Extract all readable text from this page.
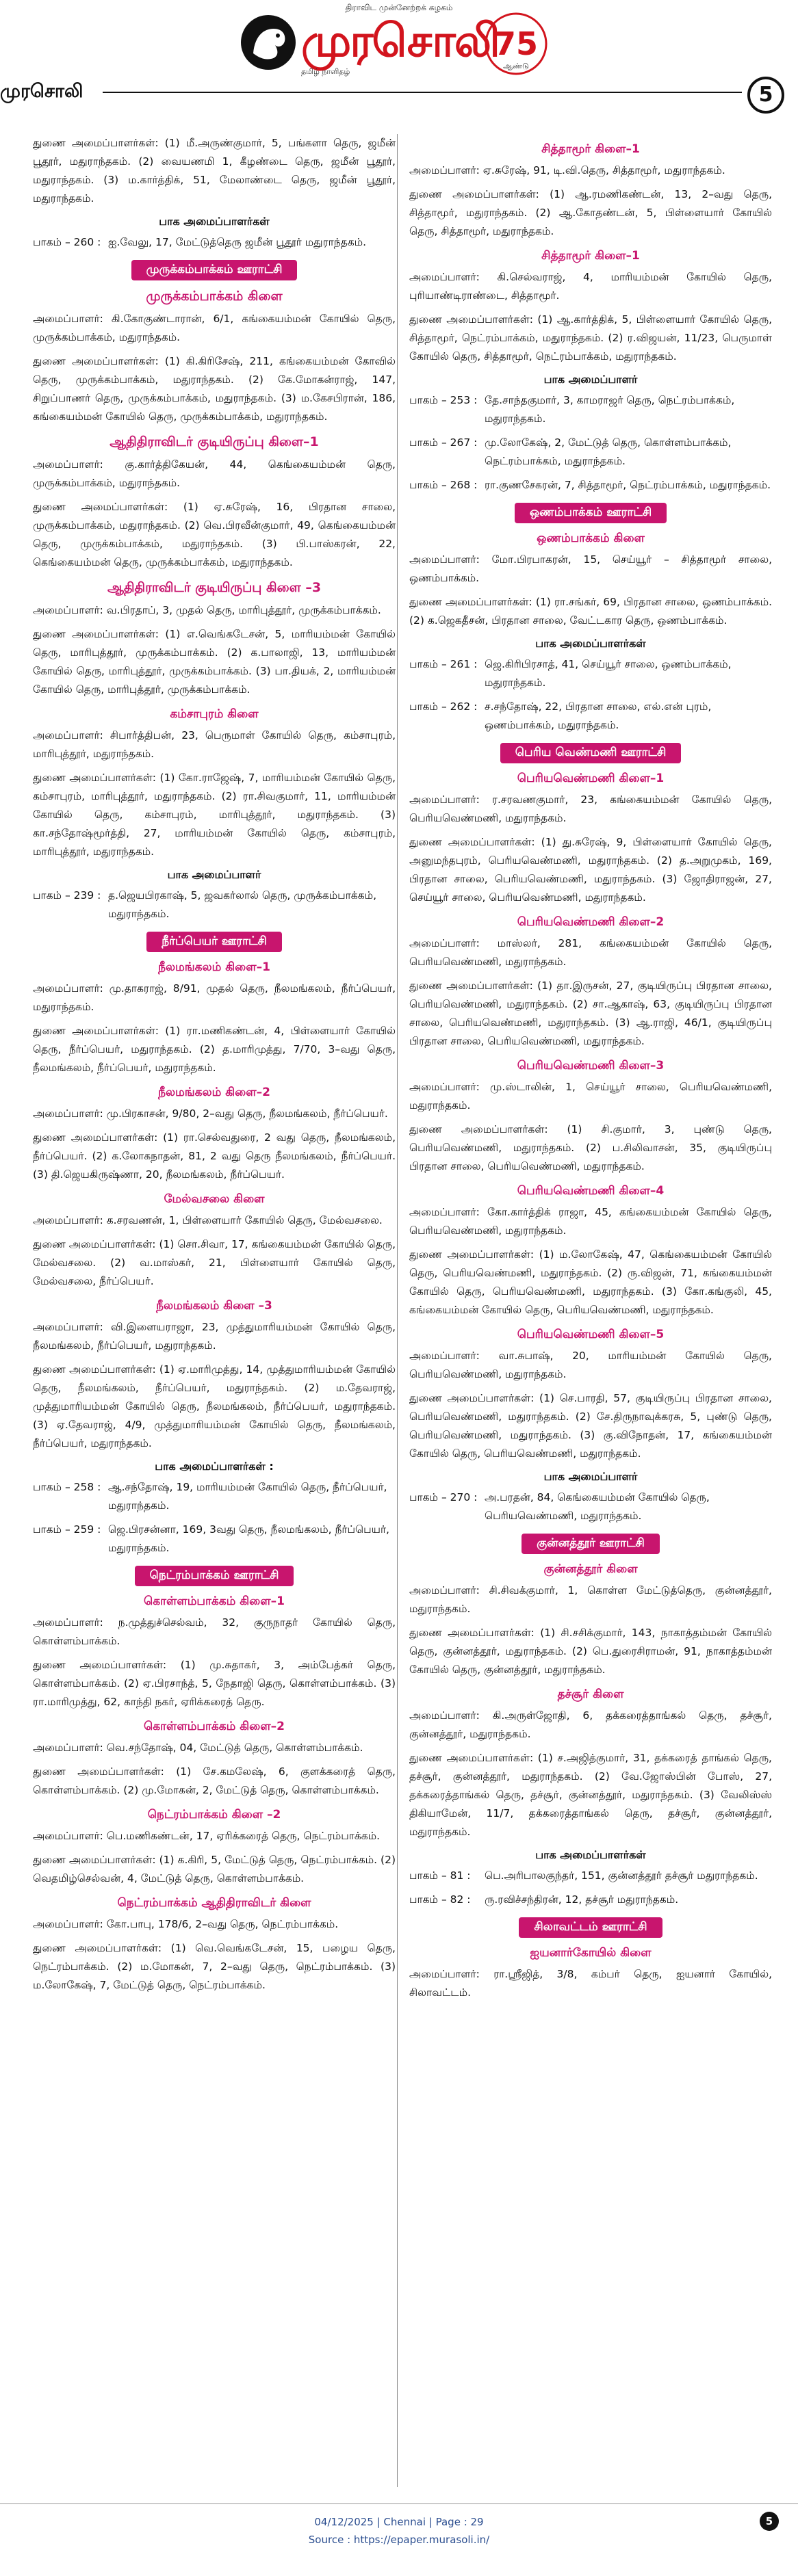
திராவிட முன்னேற்றக் கழகம்
முரசொலி
தமிழ் நாளிதழ்
75
ஆண்டு
முரசொலி	5

துணை அமைப்பாளர்கள்: (1) மீ.அருண்குமார், 5, பங்களா தெரு, ஜமீன் பூதூர், மதுராந்தகம். (2) வையணமி 1, கீழண்டை தெரு, ஜமீன் பூதூர், மதுராந்தகம். (3) ம.கார்த்திக், 51, மேலாண்டை தெரு, ஜமீன் பூதூர், மதுராந்தகம்.

பாக அமைப்பாளர்கள்
பாகம் – 260 : ஐ.வேலு, 17, மேட்டுத்தெரு ஜமீன் பூதூர் மதுராந்தகம்.
முருக்கம்பாக்கம் ஊராட்சி
முருக்கம்பாக்கம் கிளை

அமைப்பாளர்: கி.கோகுண்டாரான், 6/1, கங்கையம்மன் கோயில் தெரு, முருக்கம்பாக்கம், மதுராந்தகம்.

துணை அமைப்பாளர்கள்: (1) கி.கிரிசேஷ், 211, கங்கையம்மன் கோவில் தெரு, முருக்கம்பாக்கம், மதுராந்தகம். (2) கே.மோகன்ராஜ், 147, சிறுப்பாணர் தெரு, முருக்கம்பாக்கம், மதுராந்தகம். (3) ம.கேசபிரான், 186, கங்கையம்மன் கோயில் தெரு, முருக்கம்பாக்கம், மதுராந்தகம்.

ஆதிதிராவிடர் குடியிருப்பு கிளை–1

அமைப்பாளர்: கு.கார்த்திகேயன், 44, கெங்கையம்மன் தெரு, முருக்கம்பாக்கம், மதுராந்தகம்.

துணை அமைப்பாளர்கள்: (1) ஏ.சுரேஷ், 16, பிரதான சாலை, முருக்கம்பாக்கம், மதுராந்தகம். (2) வெ.பிரவீன்குமார், 49, கெங்கையம்மன் தெரு, முருக்கம்பாக்கம், மதுராந்தகம். (3) பி.பாஸ்கரன், 22, கெங்கையம்மன் தெரு, முருக்கம்பாக்கம், மதுராந்தகம்.

ஆதிதிராவிடர் குடியிருப்பு கிளை –3

அமைப்பாளர்: வ.பிரதாப், 3, முதல் தெரு, மாரிபுத்தூர், முருக்கம்பாக்கம்.

துணை அமைப்பாளர்கள்: (1) எ.வெங்கடேசன், 5, மாரியம்மன் கோயில் தெரு, மாரிபுத்தூர், முருக்கம்பாக்கம். (2) க.பாலாஜி, 13, மாரியம்மன் கோயில் தெரு, மாரிபுத்தூர், முருக்கம்பாக்கம். (3) பா.தியக், 2, மாரியம்மன் கோயில் தெரு, மாரிபுத்தூர், முருக்கம்பாக்கம்.

கம்சாபுரம் கிளை

அமைப்பாளர்: சிபார்த்திபன், 23, பெருமாள் கோயில் தெரு, கம்சாபுரம், மாரிபுத்தூர், மதுராந்தகம்.

துணை அமைப்பாளர்கள்: (1) கோ.ராஜேஷ், 7, மாரியம்மன் கோயில் தெரு, கம்சாபுரம், மாரிபுத்தூர், மதுராந்தகம். (2) ரா.சிவகுமார், 11, மாரியம்மன் கோயில் தெரு, கம்சாபுரம், மாரிபுத்தூர், மதுராந்தகம். (3) கா.சந்தோஷ்மூர்த்தி, 27, மாரியம்மன் கோயில் தெரு, கம்சாபுரம், மாரிபுத்தூர், மதுராந்தகம்.

பாக அமைப்பாளர்
பாகம் – 239 : த.ஜெயபிரகாஷ், 5, ஜவகர்லால் தெரு, முருக்கம்பாக்கம், மதுராந்தகம்.
நீர்ப்பெயர் ஊராட்சி
நீலமங்கலம் கிளை–1

அமைப்பாளர்: மு.தாகராஜ், 8/91, முதல் தெரு, நீலமங்கலம், நீர்ப்பெயர், மதுராந்தகம்.

துணை அமைப்பாளர்கள்: (1) ரா.மணிகண்டன், 4, பிள்ளையார் கோயில் தெரு, நீர்ப்பெயர், மதுராந்தகம். (2) த.மாரிமுத்து, 7/70, 3–வது தெரு, நீலமங்கலம், நீர்ப்பெயர், மதுராந்தகம்.

நீலமங்கலம் கிளை–2

அமைப்பாளர்: மு.பிரகாசன், 9/80, 2–வது தெரு, நீலமங்கலம், நீர்ப்பெயர்.

துணை அமைப்பாளர்கள்: (1) ரா.செல்வதுரை, 2 வது தெரு, நீலமங்கலம், நீர்ப்பெயர். (2) க.லோகநாதன், 81, 2 வது தெரு நீலமங்கலம், நீர்ப்பெயர். (3) தி.ஜெயகிருஷ்ணா, 20, நீலமங்கலம், நீர்ப்பெயர்.

மேல்வசலை கிளை

அமைப்பாளர்: க.சரவணன், 1, பிள்ளையார் கோயில் தெரு, மேல்வசலை.

துணை அமைப்பாளர்கள்: (1) சொ.சிவா, 17, கங்கையம்மன் கோயில் தெரு, மேல்வசலை. (2) வ.மாஸ்கர், 21, பிள்ளையார் கோயில் தெரு, மேல்வசலை, நீர்ப்பெயர்.

நீலமங்கலம் கிளை –3

அமைப்பாளர்: வி.இளையராஜா, 23, முத்துமாரியம்மன் கோயில் தெரு, நீலமங்கலம், நீர்ப்பெயர், மதுராந்தகம்.

துணை அமைப்பாளர்கள்: (1) ஏ.மாரிமுத்து, 14, முத்துமாரியம்மன் கோயில் தெரு, நீலமங்கலம், நீர்ப்பெயர், மதுராந்தகம். (2) ம.தேவராஜ், முத்துமாரியம்மன் கோயில் தெரு, நீலமங்கலம், நீர்ப்பெயர், மதுராந்தகம். (3) ஏ.தேவராஜ், 4/9, முத்துமாரியம்மன் கோயில் தெரு, நீலமங்கலம், நீர்ப்பெயர், மதுராந்தகம்.

பாக அமைப்பாளர்கள் :
பாகம் – 258 : ஆ.சந்தோஷ், 19, மாரியம்மன் கோயில் தெரு, நீர்ப்பெயர், மதுராந்தகம்.
பாகம் – 259 : ஜெ.பிரசன்னா, 169, 3வது தெரு, நீலமங்கலம், நீர்ப்பெயர், மதுராந்தகம்.
நெட்ரம்பாக்கம் ஊராட்சி
கொள்ளம்பாக்கம் கிளை–1

அமைப்பாளர்: ந.முத்துச்செல்வம், 32, குருநாதர் கோயில் தெரு, கொள்ளம்பாக்கம்.

துணை அமைப்பாளர்கள்: (1) மு.சுதாகர், 3, அம்பேத்கர் தெரு, கொள்ளம்பாக்கம். (2) ஏ.பிரசாந்த், 5, நேதாஜி தெரு, கொள்ளம்பாக்கம். (3) ரா.மாரிமுத்து, 62, காந்தி நகர், ஏரிக்கரைத் தெரு.

கொள்ளம்பாக்கம் கிளை–2

அமைப்பாளர்: வெ.சந்தோஷ், 04, மேட்டுத் தெரு, கொள்ளம்பாக்கம்.

துணை அமைப்பாளர்கள்: (1) சே.கமலேஷ், 6, குளக்கரைத் தெரு, கொள்ளம்பாக்கம். (2) மு.மோகன், 2, மேட்டுத் தெரு, கொள்ளம்பாக்கம்.

நெட்ரம்பாக்கம் கிளை –2

அமைப்பாளர்: பெ.மணிகண்டன், 17, ஏரிக்கரைத் தெரு, நெட்ரம்பாக்கம்.

துணை அமைப்பாளர்கள்: (1) க.கிரி, 5, மேட்டுத் தெரு, நெட்ரம்பாக்கம். (2) வெதமிழ்செல்வன், 4, மேட்டுத் தெரு, கொள்ளம்பாக்கம்.

நெட்ரம்பாக்கம் ஆதிதிராவிடர் கிளை

அமைப்பாளர்: கோ.பாபு, 178/6, 2–வது தெரு, நெட்ரம்பாக்கம்.

துணை அமைப்பாளர்கள்: (1) வெ.வெங்கடேசன், 15, பழைய தெரு, நெட்ரம்பாக்கம். (2) ம.மோகன், 7, 2–வது தெரு, நெட்ரம்பாக்கம். (3) ம.லோகேஷ், 7, மேட்டுத் தெரு, நெட்ரம்பாக்கம்.

சித்தாமூர் கிளை–1

அமைப்பாளர்: ஏ.சுரேஷ், 91, டி.வி.தெரு, சித்தாமூர், மதுராந்தகம்.

துணை அமைப்பாளர்கள்: (1) ஆ.ரமணிகண்டன், 13, 2–வது தெரு, சித்தாமூர், மதுராந்தகம். (2) ஆ.கோதண்டன், 5, பிள்ளையார் கோயில் தெரு, சித்தாமூர், மதுராந்தகம்.

சித்தாமூர் கிளை–1

அமைப்பாளர்: கி.செல்வராஜ், 4, மாரியம்மன் கோயில் தெரு, புரியாண்டிராண்டை, சித்தாமூர்.

துணை அமைப்பாளர்கள்: (1) ஆ.கார்த்திக், 5, பிள்ளையார் கோயில் தெரு, சித்தாமூர், நெட்ரம்பாக்கம், மதுராந்தகம். (2) ர.விஜயன், 11/23, பெருமாள் கோயில் தெரு, சித்தாமூர், நெட்ரம்பாக்கம், மதுராந்தகம்.

பாக அமைப்பாளர்
பாகம் – 253 : தே.சாந்தகுமார், 3, காமராஜர் தெரு, நெட்ரம்பாக்கம், மதுராந்தகம்.
பாகம் – 267 : மு.லோகேஷ், 2, மேட்டுத் தெரு, கொள்ளம்பாக்கம், நெட்ரம்பாக்கம், மதுராந்தகம்.
பாகம் – 268 : ரா.குணசேகரன், 7, சித்தாமூர், நெட்ரம்பாக்கம், மதுராந்தகம்.
ஒணம்பாக்கம் ஊராட்சி
ஒணம்பாக்கம் கிளை

அமைப்பாளர்: மோ.பிரபாகரன், 15, செய்யூர் – சித்தாமூர் சாலை, ஒணம்பாக்கம்.

துணை அமைப்பாளர்கள்: (1) ரா.சங்கர், 69, பிரதான சாலை, ஒணம்பாக்கம். (2) க.ஜெகதீசன், பிரதான சாலை, வேட்டகார தெரு, ஒணம்பாக்கம்.

பாக அமைப்பாளர்கள்
பாகம் – 261 : ஜெ.கிரிபிரசாத், 41, செய்யூர் சாலை, ஒணம்பாக்கம், மதுராந்தகம்.
பாகம் – 262 : ச.சந்தோஷ், 22, பிரதான சாலை, எல்.என் புரம், ஒணம்பாக்கம், மதுராந்தகம்.
பெரிய வெண்மணி ஊராட்சி
பெரியவெண்மணி கிளை–1

அமைப்பாளர்: ர.சரவணகுமார், 23, கங்கையம்மன் கோயில் தெரு, பெரியவெண்மணி, மதுராந்தகம்.

துணை அமைப்பாளர்கள்: (1) து.சுரேஷ், 9, பிள்ளையார் கோயில் தெரு, அனுமந்தபுரம், பெரியவெண்மணி, மதுராந்தகம். (2) த.அறுமுகம், 169, பிரதான சாலை, பெரியவெண்மணி, மதுராந்தகம். (3) ஜோதிராஜன், 27, செய்யூர் சாலை, பெரியவெண்மணி, மதுராந்தகம்.

பெரியவெண்மணி கிளை–2

அமைப்பாளர்: மாஸ்லர், 281, கங்கையம்மன் கோயில் தெரு, பெரியவெண்மணி, மதுராந்தகம்.

துணை அமைப்பாளர்கள்: (1) தா.இருசன், 27, குடியிருப்பு பிரதான சாலை, பெரியவெண்மணி, மதுராந்தகம். (2) சா.ஆகாஷ், 63, குடியிருப்பு பிரதான சாலை, பெரியவெண்மணி, மதுராந்தகம். (3) ஆ.ராஜி, 46/1, குடியிருப்பு பிரதான சாலை, பெரியவெண்மணி, மதுராந்தகம்.

பெரியவெண்மணி கிளை–3

அமைப்பாளர்: மு.ஸ்டாலின், 1, செய்யூர் சாலை, பெரியவெண்மணி, மதுராந்தகம்.

துணை அமைப்பாளர்கள்: (1) சி.குமார், 3, புண்டு தெரு, பெரியவெண்மணி, மதுராந்தகம். (2) ப.சிலிவாசன், 35, குடியிருப்பு பிரதான சாலை, பெரியவெண்மணி, மதுராந்தகம்.

பெரியவெண்மணி கிளை–4

அமைப்பாளர்: கோ.கார்த்திக் ராஜா, 45, கங்கையம்மன் கோயில் தெரு, பெரியவெண்மணி, மதுராந்தகம்.

துணை அமைப்பாளர்கள்: (1) ம.லோகேஷ், 47, கெங்கையம்மன் கோயில் தெரு, பெரியவெண்மணி, மதுராந்தகம். (2) ரு.விஜன், 71, கங்கையம்மன் கோயில் தெரு, பெரியவெண்மணி, மதுராந்தகம். (3) கோ.கங்குலி, 45, கங்கையம்மன் கோயில் தெரு, பெரியவெண்மணி, மதுராந்தகம்.

பெரியவெண்மணி கிளை–5

அமைப்பாளர்: வா.சுபாஷ், 20, மாரியம்மன் கோயில் தெரு, பெரியவெண்மணி, மதுராந்தகம்.

துணை அமைப்பாளர்கள்: (1) செ.பாரதி, 57, குடியிருப்பு பிரதான சாலை, பெரியவெண்மணி, மதுராந்தகம். (2) சே.திருநாவுக்கரசு, 5, புண்டு தெரு, பெரியவெண்மணி, மதுராந்தகம். (3) கு.விநோதன், 17, கங்கையம்மன் கோயில் தெரு, பெரியவெண்மணி, மதுராந்தகம்.

பாக அமைப்பாளர்
பாகம் – 270 : அ.பரதன், 84, கெங்கையம்மன் கோயில் தெரு, பெரியவெண்மணி, மதுராந்தகம்.
குன்னத்தூர் ஊராட்சி
குன்னத்தூர் கிளை

அமைப்பாளர்: சி.சிவக்குமார், 1, கொள்ள மேட்டுத்தெரு, குன்னத்தூர், மதுராந்தகம்.

துணை அமைப்பாளர்கள்: (1) சி.சசிக்குமார், 143, நாகாத்தம்மன் கோயில் தெரு, குன்னத்தூர், மதுராந்தகம். (2) பெ.துரைசிராமன், 91, நாகாத்தம்மன் கோயில் தெரு, குன்னத்தூர், மதுராந்தகம்.

தச்சூர் கிளை

அமைப்பாளர்: கி.அருள்ஜோதி, 6, தக்கரைத்தாங்கல் தெரு, தச்சூர், குன்னத்தூர், மதுராந்தகம்.

துணை அமைப்பாளர்கள்: (1) ச.அஜித்குமார், 31, தக்கரைத் தாங்கல் தெரு, தச்சூர், குன்னத்தூர், மதுராந்தகம். (2) வே.ஜோஸ்பின் போஸ், 27, தக்கரைத்தாங்கல் தெரு, தச்சூர், குன்னத்தூர், மதுராந்தகம். (3) வேலிஸ்ஸ் திகியாமேன், 11/7, தக்கரைத்தாங்கல் தெரு, தச்சூர், குன்னத்தூர், மதுராந்தகம்.

பாக அமைப்பாளர்கள்
பாகம் – 81 :	பெ.அரிபாலகுந்தர், 151, குன்னத்தூர் தச்சூர் மதுராந்தகம்.
பாகம் – 82 :	ரு.ரவிச்சந்திரன், 12, தச்சூர் மதுராந்தகம்.
சிலாவட்டம் ஊராட்சி
ஐயனார்கோயில் கிளை

அமைப்பாளர்: ரா.ஸ்ரீஜித், 3/8, கம்பர் தெரு, ஐயனார் கோயில், சிலாவட்டம்.

04/12/2025 | Chennai | Page : 29
Source : https://epaper.murasoli.in/
5
